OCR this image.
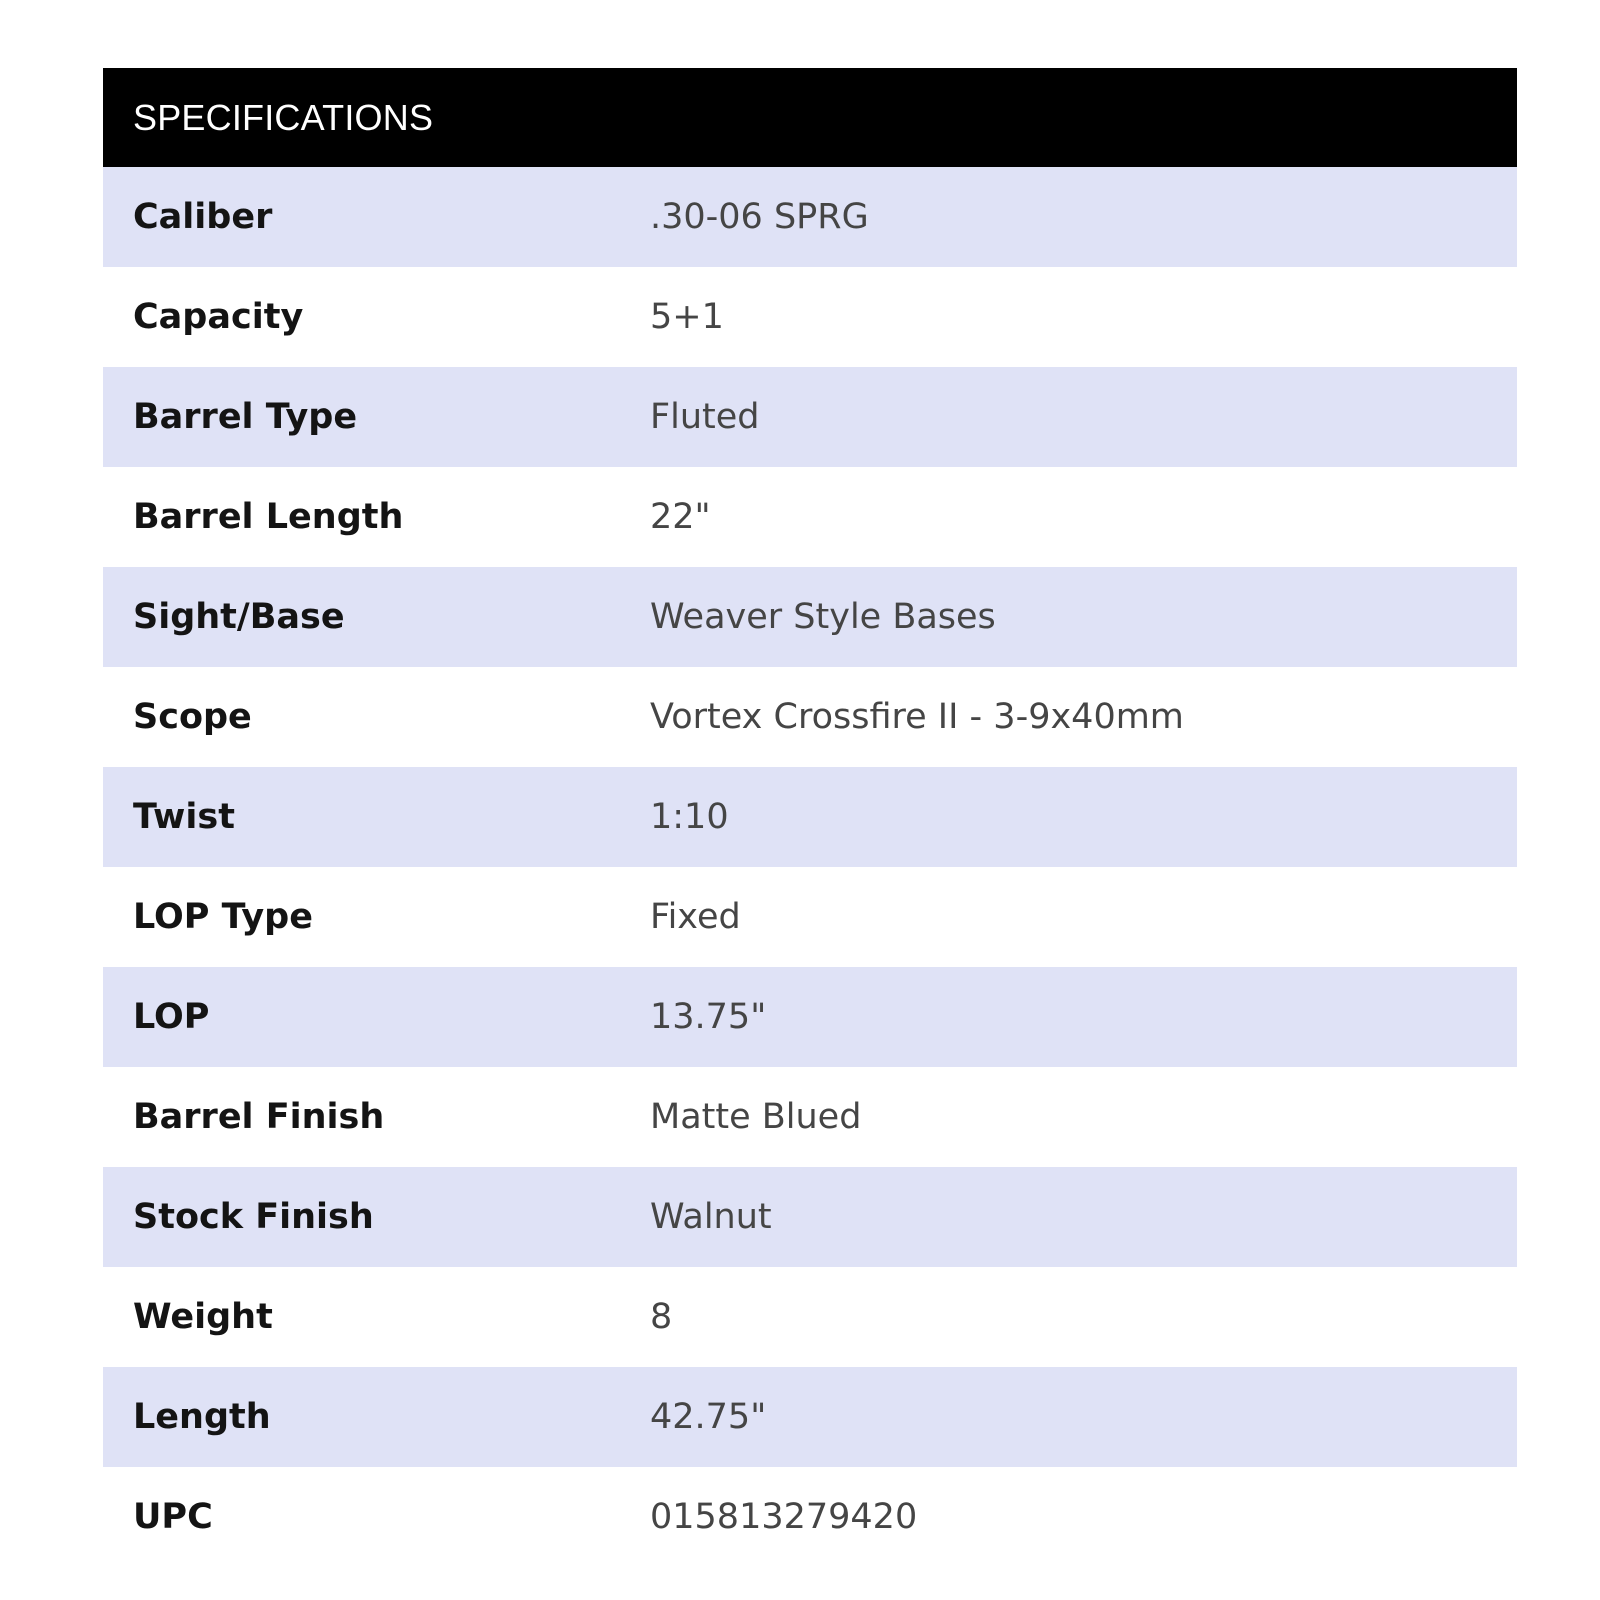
SPECIFICATIONS
Caliber	.30-06 SPRG
Capacity	5+1
Barrel Type	Fluted
Barrel Length	22"
Sight/Base	Weaver Style Bases
Scope	Vortex Crossfire II - 3-9x40mm
Twist	1:10
LOP Type	Fixed
LOP	13.75"
Barrel Finish	Matte Blued
Stock Finish	Walnut
Weight	8
Length	42.75"
UPC	015813279420
